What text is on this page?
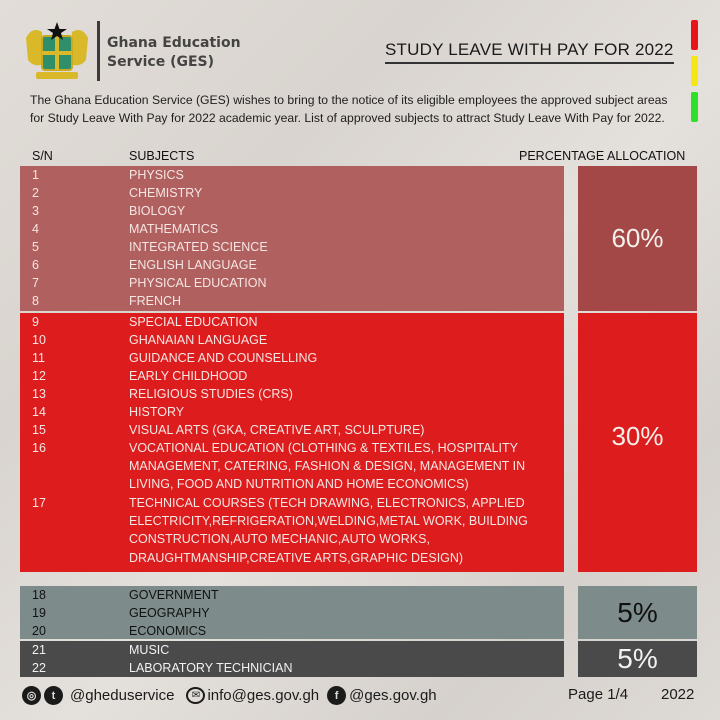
Ghana Education
Service (GES)
STUDY LEAVE WITH PAY FOR 2022
The Ghana Education Service (GES) wishes to bring to the notice of its eligible employees the approved subject areas for Study Leave With Pay for 2022 academic year. List of approved subjects to attract Study Leave With Pay for 2022.
S/N	SUBJECTS	PERCENTAGE ALLOCATION
1	PHYSICS
2	CHEMISTRY
3	BIOLOGY
4	MATHEMATICS
5	INTEGRATED SCIENCE
6	ENGLISH LANGUAGE
7	PHYSICAL EDUCATION
8	FRENCH
60%
9	SPECIAL EDUCATION
10	GHANAIAN LANGUAGE
11	GUIDANCE AND COUNSELLING
12	EARLY CHILDHOOD
13	RELIGIOUS STUDIES (CRS)
14	HISTORY
15	VISUAL ARTS (GKA, CREATIVE ART, SCULPTURE)
16	VOCATIONAL EDUCATION (CLOTHING & TEXTILES, HOSPITALITY MANAGEMENT, CATERING, FASHION & DESIGN, MANAGEMENT IN LIVING, FOOD AND NUTRITION AND HOME ECONOMICS)
17	TECHNICAL COURSES (TECH DRAWING, ELECTRONICS, APPLIED ELECTRICITY,REFRIGERATION,WELDING,METAL WORK, BUILDING CONSTRUCTION,AUTO MECHANIC,AUTO WORKS, DRAUGHTMANSHIP,CREATIVE ARTS,GRAPHIC DESIGN)
30%
18	GOVERNMENT
19	GEOGRAPHY
20	ECONOMICS
5%
21	MUSIC
22	LABORATORY TECHNICIAN	5%
◎	t @gheduservice	✉ info@ges.gov.gh	f @ges.gov.gh	Page 1/4 2022
